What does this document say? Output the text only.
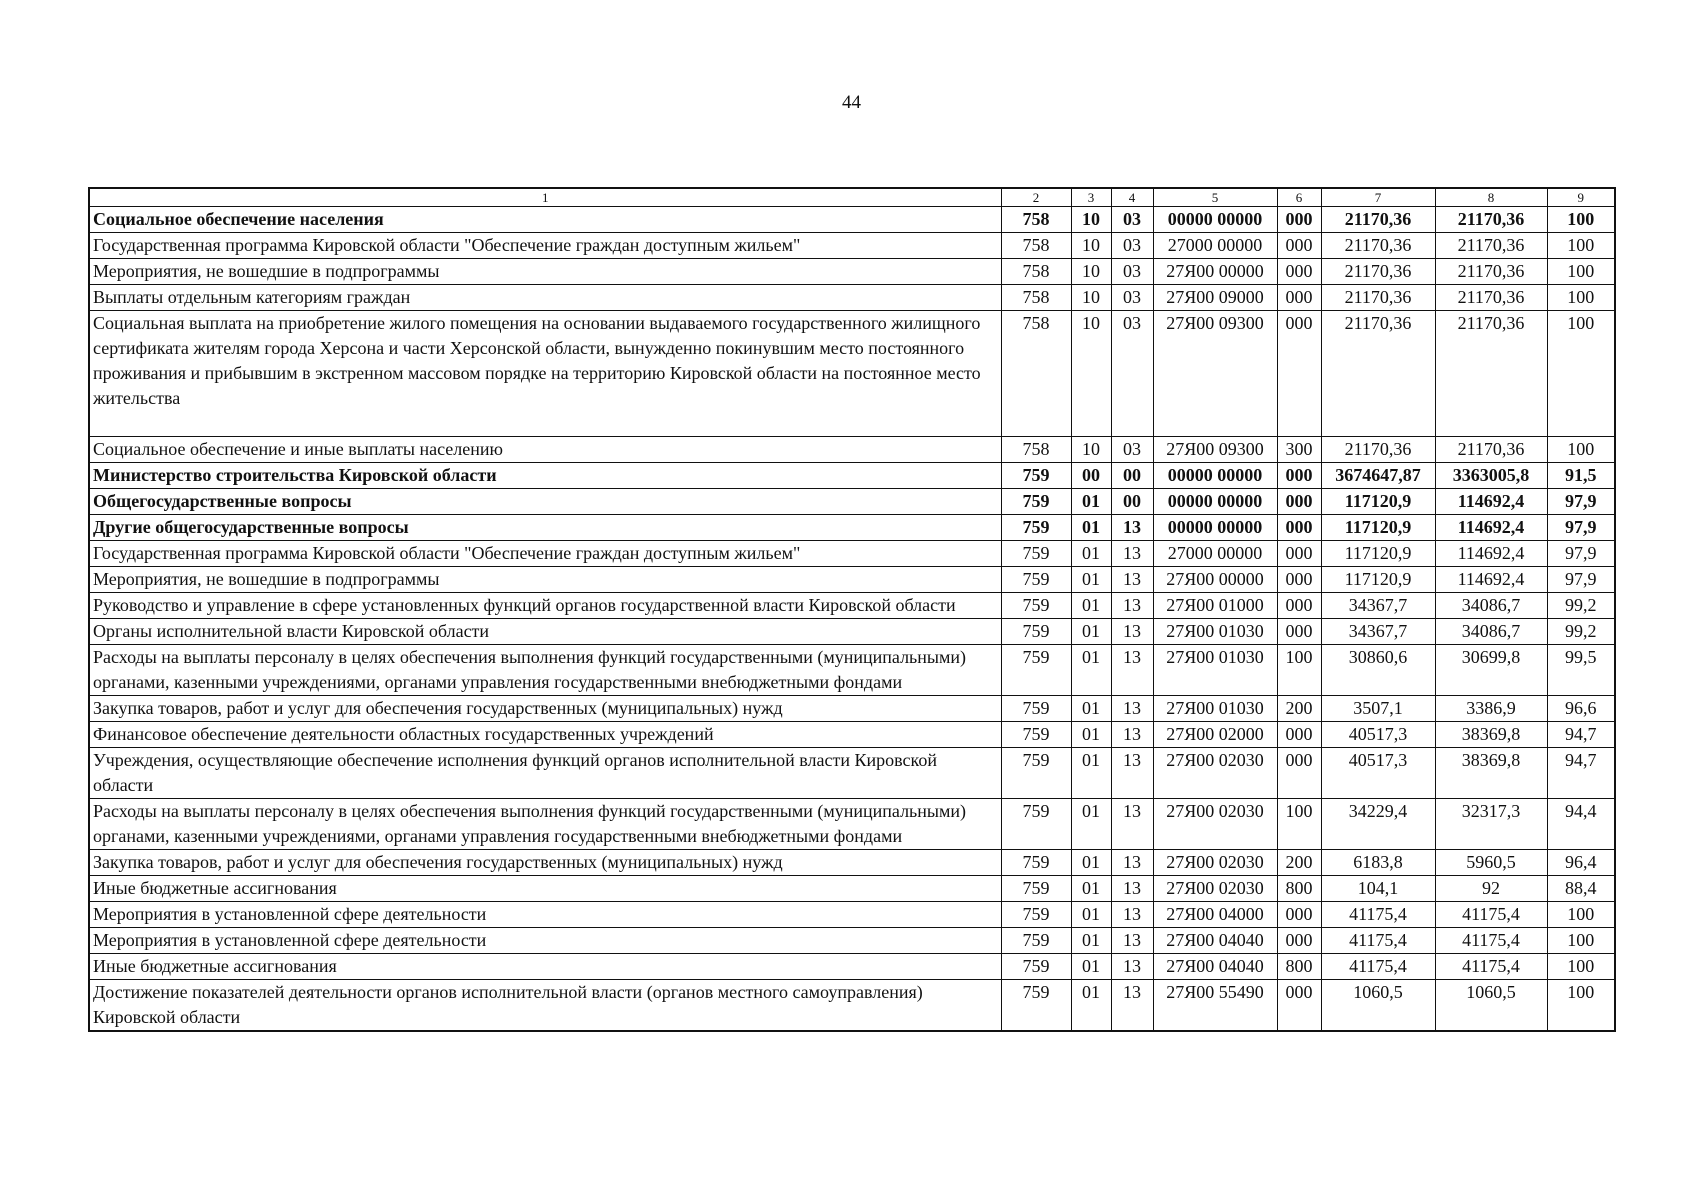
44
1	2	3	4	5	6	7	8	9
Социальное обеспечение населения	758	10	03	00000 00000	000	21170,36	21170,36	100
Государственная программа Кировской области "Обеспечение граждан доступным жильем"	758	10	03	27000 00000	000	21170,36	21170,36	100
Мероприятия, не вошедшие в подпрограммы	758	10	03	27Я00 00000	000	21170,36	21170,36	100
Выплаты отдельным категориям граждан	758	10	03	27Я00 09000	000	21170,36	21170,36	100
Социальная выплата на приобретение жилого помещения на основании выдаваемого государственного жилищного сертификата жителям города Херсона и части Херсонской области, вынужденно покинувшим место постоянного проживания и прибывшим в экстренном массовом порядке на территорию Кировской области на постоянное место жительства	758	10	03	27Я00 09300	000	21170,36	21170,36	100
Социальное обеспечение и иные выплаты населению	758	10	03	27Я00 09300	300	21170,36	21170,36	100
Министерство строительства Кировской области	759	00	00	00000 00000	000	3674647,87	3363005,8	91,5
Общегосударственные вопросы	759	01	00	00000 00000	000	117120,9	114692,4	97,9
Другие общегосударственные вопросы	759	01	13	00000 00000	000	117120,9	114692,4	97,9
Государственная программа Кировской области "Обеспечение граждан доступным жильем"	759	01	13	27000 00000	000	117120,9	114692,4	97,9
Мероприятия, не вошедшие в подпрограммы	759	01	13	27Я00 00000	000	117120,9	114692,4	97,9
Руководство и управление в сфере установленных функций органов государственной власти Кировской области	759	01	13	27Я00 01000	000	34367,7	34086,7	99,2
Органы исполнительной власти Кировской области	759	01	13	27Я00 01030	000	34367,7	34086,7	99,2
Расходы на выплаты персоналу в целях обеспечения выполнения функций государственными (муниципальными) органами, казенными учреждениями, органами управления государственными внебюджетными фондами	759	01	13	27Я00 01030	100	30860,6	30699,8	99,5
Закупка товаров, работ и услуг для обеспечения государственных (муниципальных) нужд	759	01	13	27Я00 01030	200	3507,1	3386,9	96,6
Финансовое обеспечение деятельности областных государственных учреждений	759	01	13	27Я00 02000	000	40517,3	38369,8	94,7
Учреждения, осуществляющие обеспечение исполнения функций органов исполнительной власти Кировской области	759	01	13	27Я00 02030	000	40517,3	38369,8	94,7
Расходы на выплаты персоналу в целях обеспечения выполнения функций государственными (муниципальными) органами, казенными учреждениями, органами управления государственными внебюджетными фондами	759	01	13	27Я00 02030	100	34229,4	32317,3	94,4
Закупка товаров, работ и услуг для обеспечения государственных (муниципальных) нужд	759	01	13	27Я00 02030	200	6183,8	5960,5	96,4
Иные бюджетные ассигнования	759	01	13	27Я00 02030	800	104,1	92	88,4
Мероприятия в установленной сфере деятельности	759	01	13	27Я00 04000	000	41175,4	41175,4	100
Мероприятия в установленной сфере деятельности	759	01	13	27Я00 04040	000	41175,4	41175,4	100
Иные бюджетные ассигнования	759	01	13	27Я00 04040	800	41175,4	41175,4	100
Достижение показателей деятельности органов исполнительной власти (органов местного самоуправления) Кировской области	759	01	13	27Я00 55490	000	1060,5	1060,5	100
